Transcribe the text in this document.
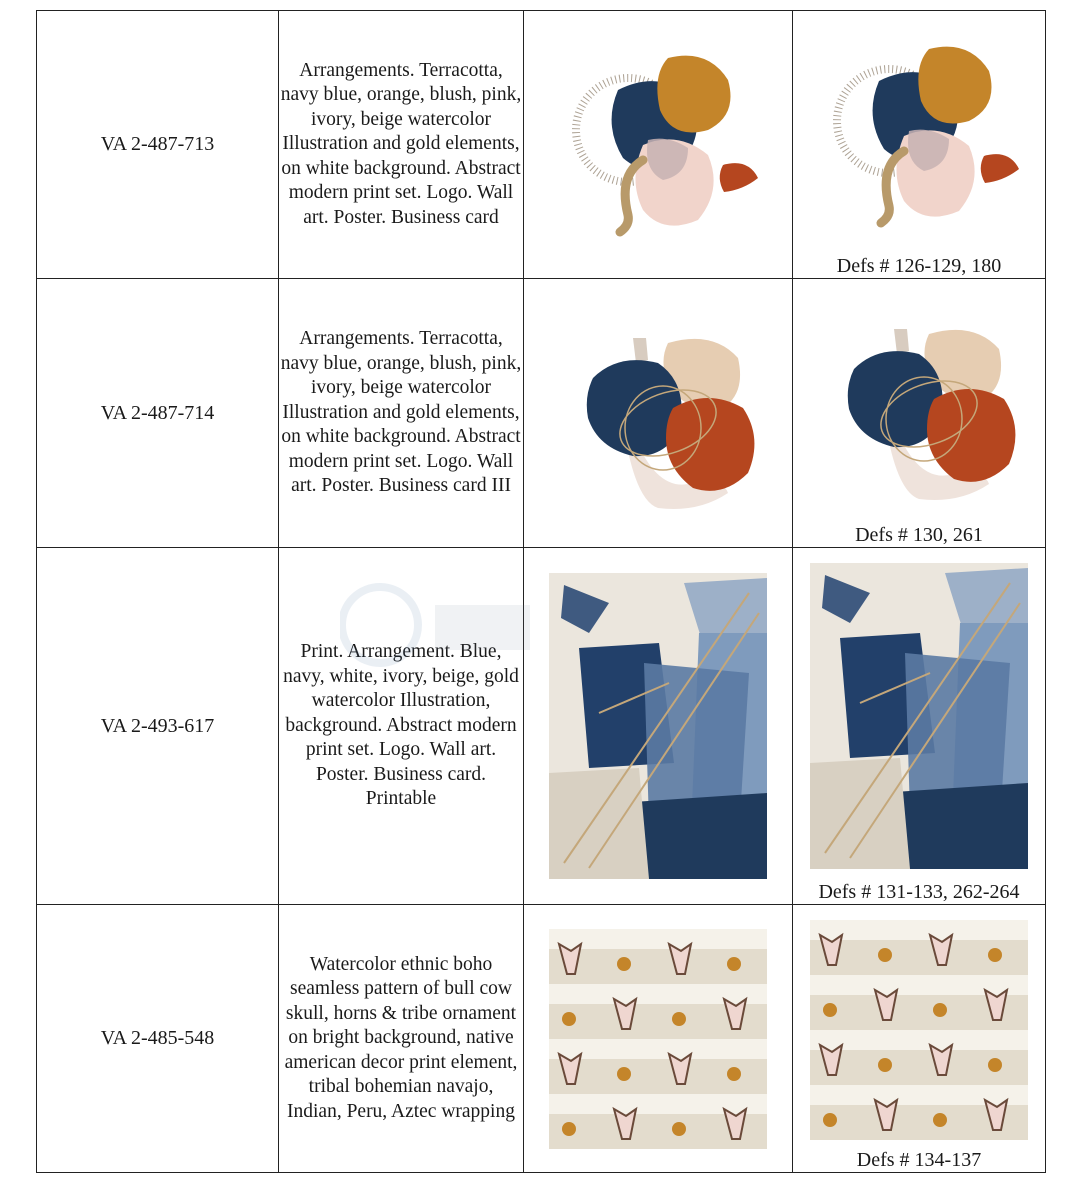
VA 2-487-713	Arrangements. Terracotta, navy blue, orange, blush, pink, ivory, beige watercolor Illustration and gold elements, on white background. Abstract modern print set. Logo. Wall art. Poster. Business card		Defs # 126-129, 180

VA 2-487-714	Arrangements. Terracotta, navy blue, orange, blush, pink, ivory, beige watercolor Illustration and gold elements, on white background. Abstract modern print set. Logo. Wall art. Poster. Business card III		Defs # 130, 261

VA 2-493-617	Print. Arrangement. Blue, navy, white, ivory, beige, gold watercolor Illustration, background. Abstract modern print set. Logo. Wall art. Poster. Business card. Printable		Defs # 131-133, 262-264

VA 2-485-548	Watercolor ethnic boho seamless pattern of bull cow skull, horns & tribe ornament on bright background, native american decor print element, tribal bohemian navajo, Indian, Peru, Aztec wrapping		Defs # 134-137
